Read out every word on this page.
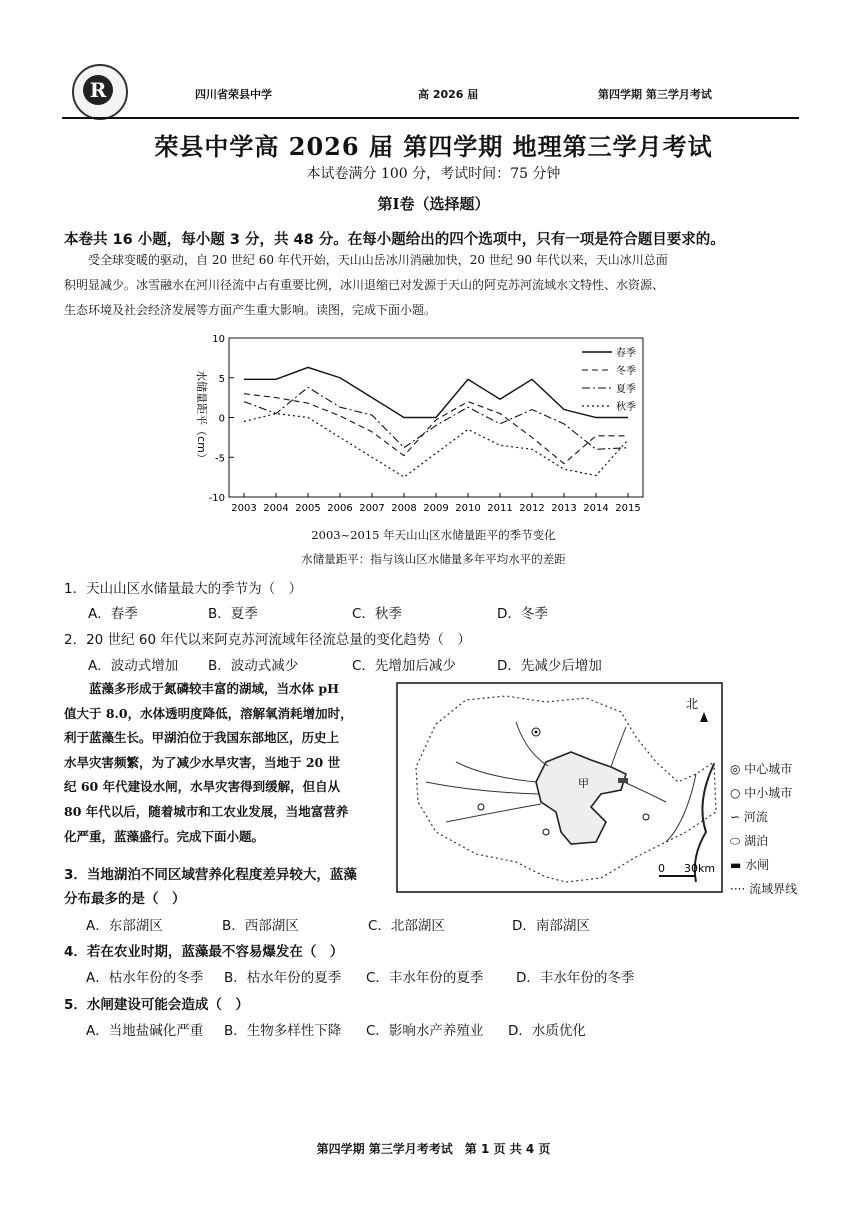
R	四川省荣县中学	高 2026 届	第四学期 第三学月考试
荣县中学高 2026 届 第四学期 地理第三学月考试
本试卷满分 100 分，考试时间：75 分钟
第Ⅰ卷（选择题）
本卷共 16 小题，每小题 3 分，共 48 分。在每小题给出的四个选项中，只有一项是符合题目要求的。
受全球变暖的驱动，自 20 世纪 60 年代开始，天山山岳冰川消融加快，20 世纪 90 年代以来，天山冰川总面
积明显减少。冰雪融水在河川径流中占有重要比例，冰川退缩已对发源于天山的阿克苏河流域水文特性、水资源、
生态环境及社会经济发展等方面产生重大影响。读图，完成下面小题。
10
5
0
-5
-10
2003 2004 2005 2006 2007 2008 2009 2010 2011 2012 2013 2014 2015
春季
冬季
夏季
秋季
水储量距平（cm）
2003~2015 年天山山区水储量距平的季节变化
水储量距平：指与该山区水储量多年平均水平的差距
1．天山山区水储量最大的季节为（　）
A．春季	B．夏季	C．秋季	D．冬季
2．20 世纪 60 年代以来阿克苏河流域年径流总量的变化趋势（　）
A．波动式增加 B．波动式减少	C．先增加后减少	D．先减少后增加
蓝藻多形成于氮磷较丰富的湖域，当水体 pH
值大于 8.0，水体透明度降低，溶解氧消耗增加时，
利于蓝藻生长。甲湖泊位于我国东部地区，历史上
水旱灾害频繁，为了减少水旱灾害，当地于 20 世
纪 60 年代建设水闸，水旱灾害得到缓解，但自从
80 年代以后，随着城市和工农业发展，当地富营养
化严重，蓝藻盛行。完成下面小题。
甲
北
0 30km
◎ 中心城市
○ 中小城市
∽ 河流
⬭ 湖泊
▬ 水闸
···· 流域界线
3．当地湖泊不同区域营养化程度差异较大，蓝藻
分布最多的是（　）
A．东部湖区	B．西部湖区	C．北部湖区	D．南部湖区
4．若在农业时期，蓝藻最不容易爆发在（　）
A．枯水年份的冬季 B．枯水年份的夏季 C．丰水年份的夏季 D．丰水年份的冬季
5．水闸建设可能会造成（　）
A．当地盐碱化严重 B．生物多样性下降 C．影响水产养殖业 D．水质优化
第四学期 第三学月考考试　第 1 页 共 4 页
